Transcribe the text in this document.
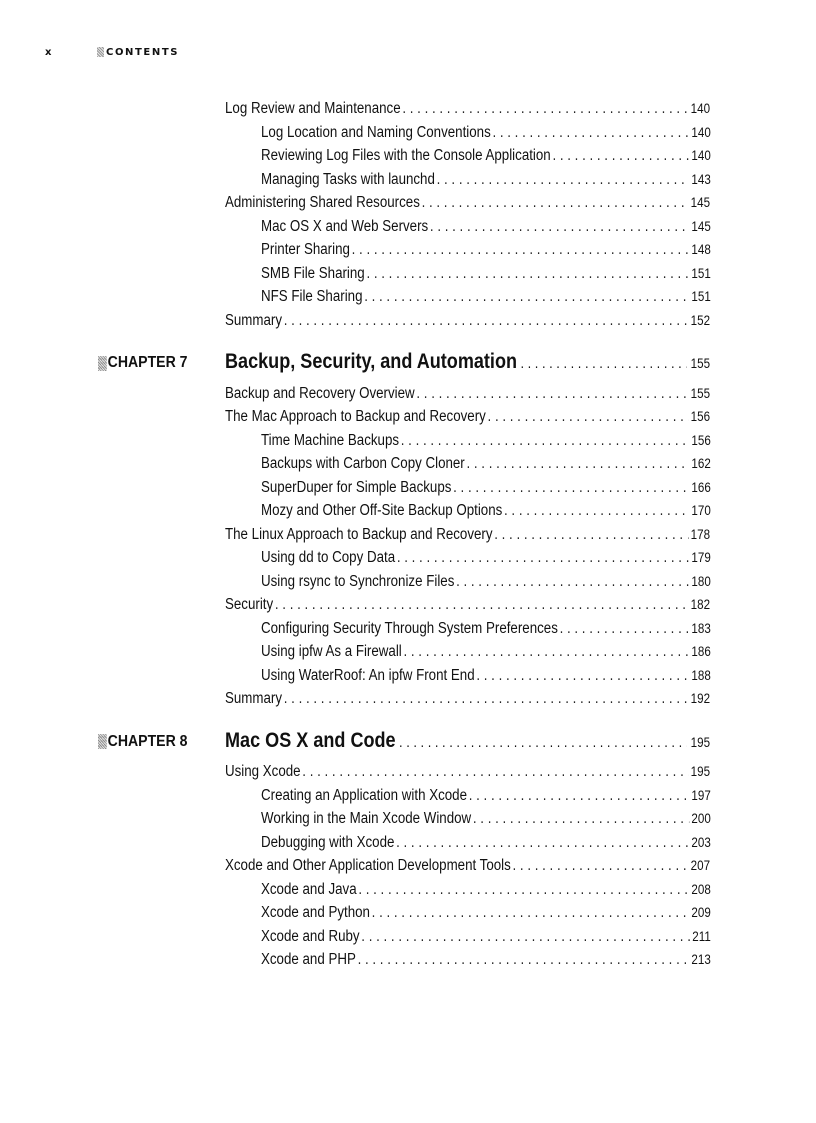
x	CONTENTS
Log Review and Maintenance . . .	140
Log Location and Naming Conventions . . .	140
Reviewing Log Files with the Console Application . . .	140
Managing Tasks with launchd . . .	143
Administering Shared Resources . . .	145
Mac OS X and Web Servers . . .	145
Printer Sharing . . .	148
SMB File Sharing . . .	151
NFS File Sharing . . .	151
Summary . . .	152
CHAPTER 7 Backup, Security, and Automation . . .	155
Backup and Recovery Overview . . .	155
The Mac Approach to Backup and Recovery . . .	156
Time Machine Backups . . .	156
Backups with Carbon Copy Cloner . . .	162
SuperDuper for Simple Backups . . .	166
Mozy and Other Off-Site Backup Options . . .	170
The Linux Approach to Backup and Recovery . . .	178
Using dd to Copy Data . . .	179
Using rsync to Synchronize Files . . .	180
Security . . .	182
Configuring Security Through System Preferences . . .	183
Using ipfw As a Firewall . . .	186
Using WaterRoof: An ipfw Front End . . .	188
Summary . . .	192
CHAPTER 8 Mac OS X and Code . . .	195
Using Xcode . . .	195
Creating an Application with Xcode . . .	197
Working in the Main Xcode Window . . .	200
Debugging with Xcode . . .	203
Xcode and Other Application Development Tools . . .	207
Xcode and Java . . .	208
Xcode and Python . . .	209
Xcode and Ruby . . .	211
Xcode and PHP . . .	213
